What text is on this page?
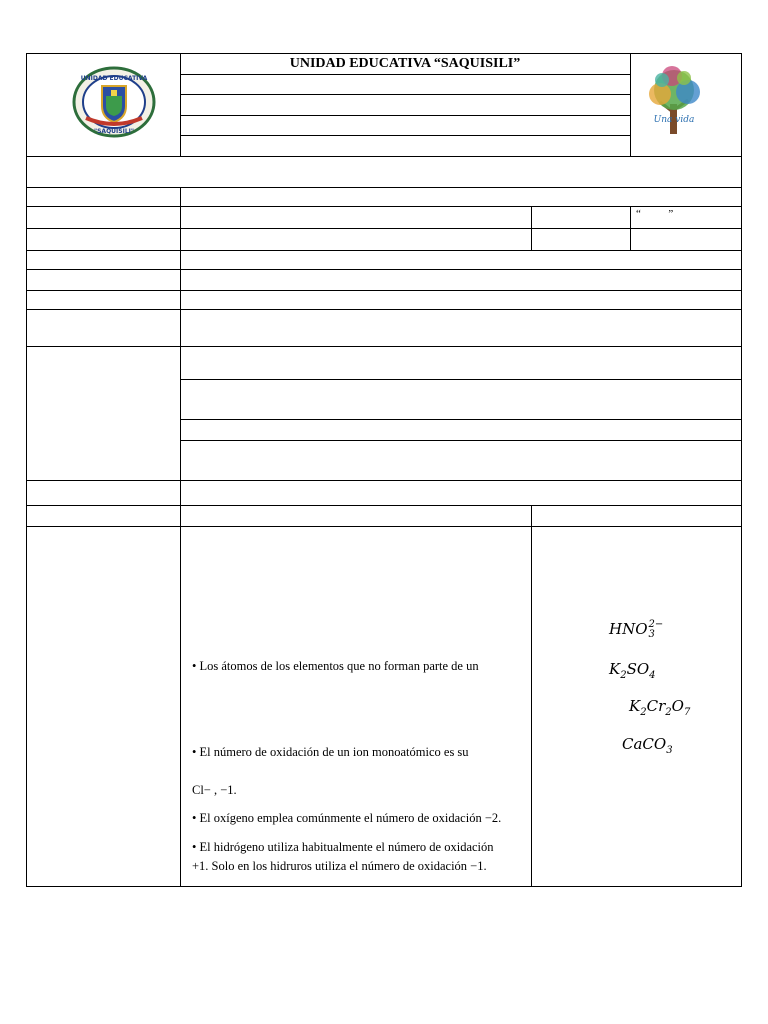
UNIDAD EDUCATIVA “SAQUISILI”
UNIDAD EDUCATIVA
"SAQUISILI"
Una vida
“          ”
• Los átomos de los elementos que no forman parte de un
• El número de oxidación de un ion monoatómico es su
Cl− , −1.
• El oxígeno emplea comúnmente el número de oxidación −2.
• El hidrógeno utiliza habitualmente el número de oxidación
+1. Solo en los hidruros utiliza el número de oxidación −1.
HNO 2−
3
$K_2SO_4$
$K_2Cr_2O_7$
CaCO$_3$
